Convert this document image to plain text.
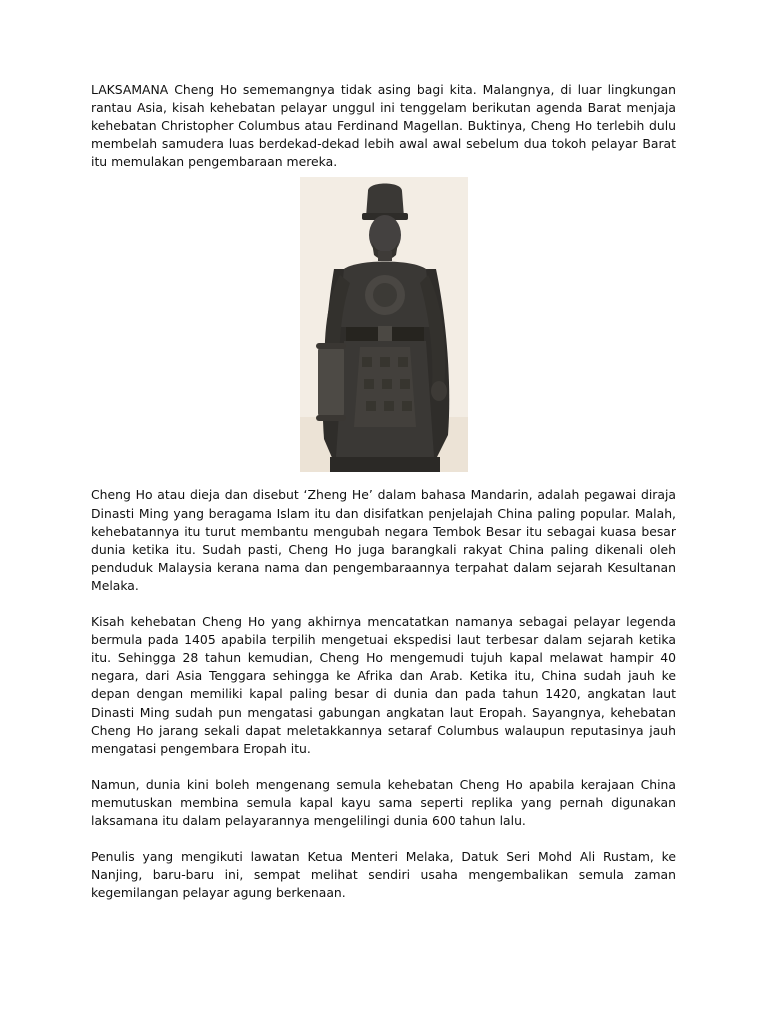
LAKSAMANA Cheng Ho sememangnya tidak asing bagi kita. Malangnya, di luar lingkungan rantau Asia, kisah kehebatan pelayar unggul ini tenggelam berikutan agenda Barat menjaja kehebatan Christopher Columbus atau Ferdinand Magellan. Buktinya, Cheng Ho terlebih dulu membelah samudera luas berdekad-dekad lebih awal awal sebelum dua tokoh pelayar Barat itu memulakan pengembaraan mereka.

Cheng Ho atau dieja dan disebut ‘Zheng He’ dalam bahasa Mandarin, adalah pegawai diraja Dinasti Ming yang beragama Islam itu dan disifatkan penjelajah China paling popular. Malah, kehebatannya itu turut membantu mengubah negara Tembok Besar itu sebagai kuasa besar dunia ketika itu. Sudah pasti, Cheng Ho juga barangkali rakyat China paling dikenali oleh penduduk Malaysia kerana nama dan pengembaraannya terpahat dalam sejarah Kesultanan Melaka.

Kisah kehebatan Cheng Ho yang akhirnya mencatatkan namanya sebagai pelayar legenda bermula pada 1405 apabila terpilih mengetuai ekspedisi laut terbesar dalam sejarah ketika itu. Sehingga 28 tahun kemudian, Cheng Ho mengemudi tujuh kapal melawat hampir 40 negara, dari Asia Tenggara sehingga ke Afrika dan Arab. Ketika itu, China sudah jauh ke depan dengan memiliki kapal paling besar di dunia dan pada tahun 1420, angkatan laut Dinasti Ming sudah pun mengatasi gabungan angkatan laut Eropah. Sayangnya, kehebatan Cheng Ho jarang sekali dapat meletakkannya setaraf Columbus walaupun reputasinya jauh mengatasi pengembara Eropah itu.

Namun, dunia kini boleh mengenang semula kehebatan Cheng Ho apabila kerajaan China memutuskan membina semula kapal kayu sama seperti replika yang pernah digunakan laksamana itu dalam pelayarannya mengelilingi dunia 600 tahun lalu.

Penulis yang mengikuti lawatan Ketua Menteri Melaka, Datuk Seri Mohd Ali Rustam, ke Nanjing, baru-baru ini, sempat melihat sendiri usaha mengembalikan semula zaman kegemilangan pelayar agung berkenaan.
